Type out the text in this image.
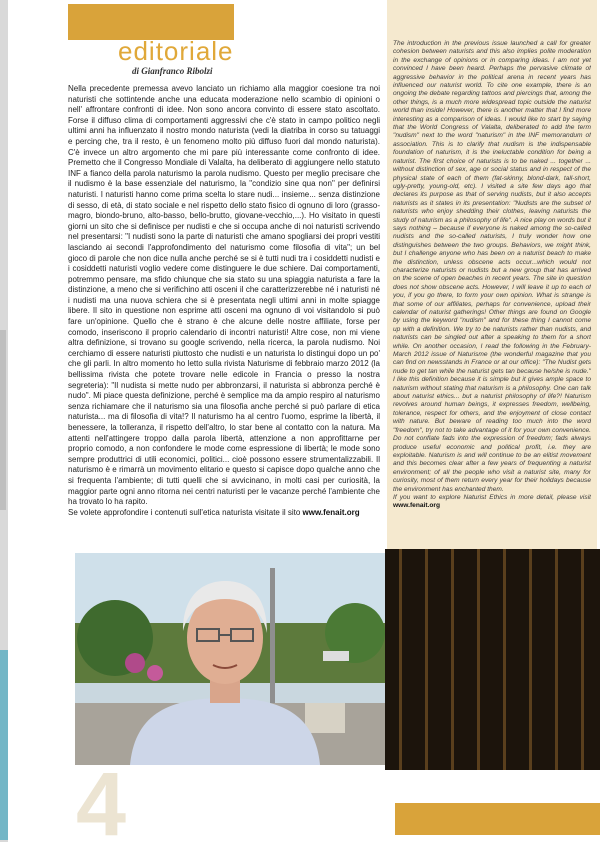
editoriale
di Gianfranco Ribolzi

Nella precedente premessa avevo lanciato un richiamo alla maggior coesione tra noi naturisti che sottintende anche una educata moderazione nello scambio di opinioni o nell' affrontare confronti di idee. Non sono ancora convinto di essere stato ascoltato. Forse il diffuso clima di comportamenti aggressivi che c'è stato in campo politico negli ultimi anni ha influenzato il nostro mondo naturista (vedi la diatriba in corso su tatuaggi e percing che, tra il resto, è un fenomeno molto più diffuso fuori dal mondo naturista). C'è invece un altro argomento che mi pare più interessante come confronto di idee. Premetto che il Congresso Mondiale di Valalta, ha deliberato di aggiungere nello statuto INF a fianco della parola naturismo la parola nudismo. Questo per meglio precisare che il nudismo è la base essenziale del naturismo, la "condizio sine qua non" per definirsi naturisti. I naturisti hanno come prima scelta lo stare nudi... insieme... senza distinzione di sesso, di età, di stato sociale e nel rispetto dello stato fisico di ognuno di loro (grasso-magro, biondo-bruno, alto-basso, bello-brutto, giovane-vecchio,...). Ho visitato in questi giorni un sito che si definisce per nudisti e che si occupa anche di noi naturisti scrivendo nel presentarsi: "I nudisti sono la parte di naturisti che amano spogliarsi dei propri vestiti lasciando ai secondi l'approfondimento del naturismo come filosofia di vita"; un bel gioco di parole che non dice nulla anche perché se si è tutti nudi tra i cosiddetti nudisti e i cosiddetti naturisti voglio vedere come distinguere le due schiere. Dai comportamenti, potremmo pensare, ma sfido chiunque che sia stato su una spiaggia naturista a fare la distinzione, a meno che si verifichino atti osceni il che caratterizzerebbe né i naturisti né i nudisti ma una nuova schiera che si è presentata negli ultimi anni in molte spiagge libere. Il sito in questione non esprime atti osceni ma ognuno di voi visitandolo si può fare un'opinione. Quello che è strano è che alcune delle nostre affiliate, forse per comodo, inseriscono il proprio calendario di incontri naturisti! Altre cose, non mi viene altra definizione, si trovano su google scrivendo, nella ricerca, la parola nudismo. Noi cerchiamo di essere naturisti piuttosto che nudisti e un naturista lo distingui dopo un po' che gli parli. In altro momento ho letto sulla rivista Naturisme di febbraio marzo 2012 (la bellissima rivista che potete trovare nelle edicole in Francia o presso la nostra segreteria): "Il nudista si mette nudo per abbronzarsi, il naturista si abbronza perché è nudo". Mi piace questa definizione, perché è semplice ma da ampio respiro al naturismo senza richiamare che il naturismo sia una filosofia anche perché si può parlare di etica naturista... ma di filosofia di vita!? Il naturismo ha al centro l'uomo, esprime la libertà, il benessere, la tolleranza, il rispetto dell'altro, lo star bene al contatto con la natura. Ma attenti nell'attingere troppo dalla parola libertà, attenzione a non approfittarne per proprio comodo, a non confondere le mode come espressione di libertà; le mode sono sempre produttrici di utili economici, politici... cioè possono essere strumentalizzabili. Il naturismo è e rimarrà un movimento elitario e questo si capisce dopo qualche anno che si frequenta l'ambiente; di tutti quelli che si avvicinano, in molti casi per curiosità, la maggior parte ogni anno ritorna nei centri naturisti per le vacanze perché l'ambiente che ha trovato lo ha rapito.

Se volete approfondire i contenuti sull'etica naturista visitate il sito www.fenait.org

The introduction in the previous issue launched a call for greater cohesion between naturists and this also implies polite moderation in the exchange of opinions or in comparing ideas. I am not yet convinced I have been heard. Perhaps the pervasive climate of aggressive behavior in the political arena in recent years has influenced our naturist world. To cite one example, there is an ongoing the debate regarding tattoos and piercings that, among the other things, is a much more widespread topic outside the naturist world than inside! However, there is another matter that I find more interesting as a comparison of ideas. I would like to start by saying that the World Congress of Valalta, deliberated to add the term "nudism" next to the word "naturism" in the INF memorandum of association. This is to clarify that nudism is the indispensable foundation of naturism, it is the ineluctable condition for being a naturist. The first choice of naturists is to be naked ... together ... without distinction of sex, age or social status and in respect of the physical state of each of them (fat-skinny, blond-dark, tall-short, ugly-pretty, young-old, etc). I visited a site few days ago that declares its purpose as that of serving nudists, but it also accepts naturists as it states in its presentation: "Nudists are the subset of naturists who enjoy shedding their clothes, leaving naturists the study of naturism as a philosophy of life". A nice play on words but it says nothing – because if everyone is naked among the so-called nudists and the so-called naturists, I truly wonder how one distinguishes between the two groups. Behaviors, we might think, but I challenge anyone who has been on a naturist beach to make the distinction, unless obscene acts occur...which would not characterize naturists or nudists but a new group that has arrived on the scene of open beaches in recent years. The site in question does not show obscene acts. However, I will leave it up to each of you, if you go there, to form your own opinion. What is strange is that some of our affiliates, perhaps for convenience, upload their calendar of naturist gatherings! Other things are found on Google by using the keyword "nudism" and for these thing I cannot come up with a definition. We try to be naturists rather than nudists, and naturists can be singled out after a speaking to them for a short while. On another occasion, I read the following in the February-March 2012 issue of Naturisme (the wonderful magazine that you can find on newsstands in France or at our office): "The Nudist gets nude to get tan while the naturist gets tan because he/she is nude." I like this definition because it is simple but it gives ample space to naturism without stating that naturism is a philosophy. One can talk about naturist ethics... but a naturist philosophy of life?! Naturism revolves around human beings, it expresses freedom, wellbeing, tolerance, respect for others, and the enjoyment of close contact with nature. But beware of reading too much into the word "freedom", try not to take advantage of it for your own convenience. Do not conflate fads into the expression of freedom; fads always produce useful economic and political profit, i.e. they are exploitable. Naturism is and will continue to be an elitist movement and this becomes clear after a few years of frequenting a naturist environment; of all the people who visit a naturist site, many for curiosity, most of them return every year for their holidays because the environment has enchanted them.

If you want to explore Naturist Ethics in more detail, please visit www.fenait.org

4
